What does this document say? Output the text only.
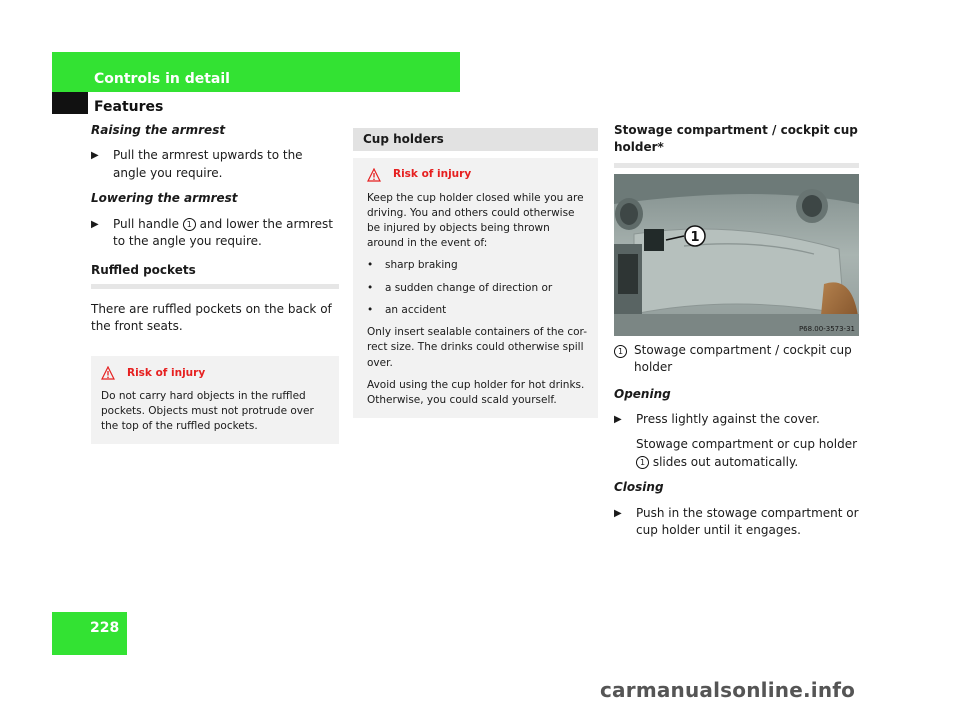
Controls in detail
Features
Raising the armrest
▶
Pull the armrest upwards to the angle you require.
Lowering the armrest
▶
Pull handle 1 and lower the armrest to the angle you require.
Ruffled pockets

There are ruffled pockets on the back of the front seats.

Risk of injury
Do not carry hard objects in the ruffled pockets. Objects must not protrude over the top of the ruffled pockets.
Cup holders
Risk of injury

Keep the cup holder closed while you are driving. You and others could otherwise be injured by objects being thrown around in the event of:

•
sharp braking
•
a sudden change of direction or
•
an accident

Only insert sealable containers of the cor-rect size. The drinks could otherwise spill over.

Avoid using the cup holder for hot drinks. Otherwise, you could scald yourself.

Stowage compartment / cockpit cup holder*
1
P68.00-3573-31
1 Stowage compartment / cockpit cup holder
Opening
▶
Press lightly against the cover.
Stowage compartment or cup holder
1 slides out automatically.
Closing
▶
Push in the stowage compartment or cup holder until it engages.
228
carmanualsonline.info
